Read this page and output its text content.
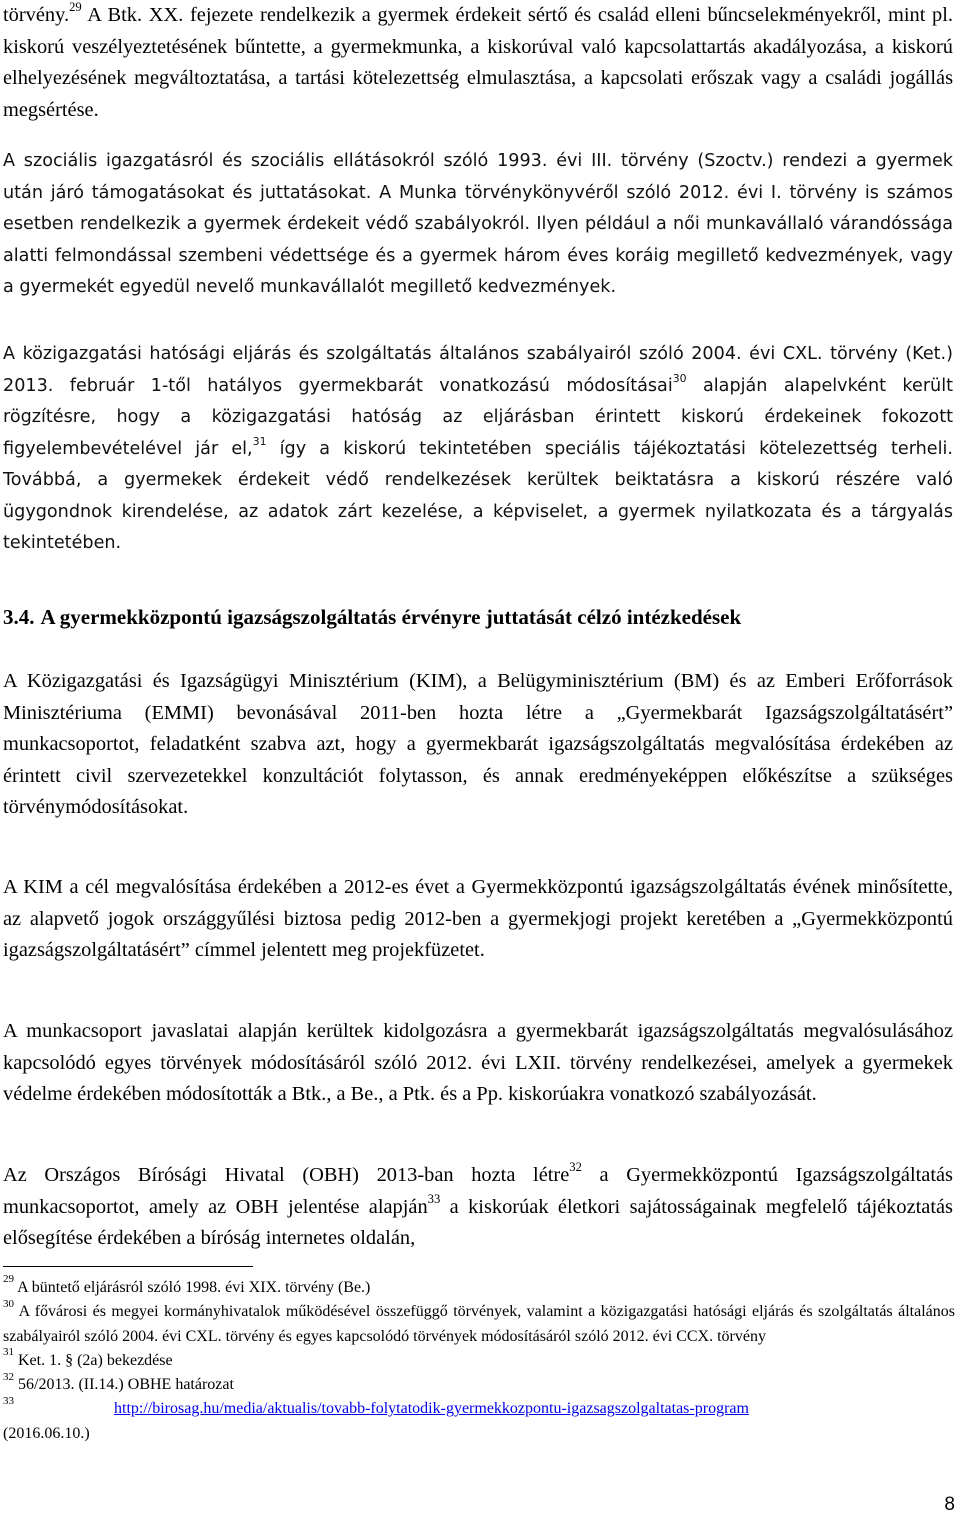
törvény.$^{29}$ A Btk. XX. fejezete rendelkezik a gyermek érdekeit sértő és család elleni bűncselekményekről, mint pl. kiskorú veszélyeztetésének bűntette, a gyermekmunka, a kiskorúval való kapcsolattartás akadályozása, a kiskorú elhelyezésének megváltoztatása, a tartási kötelezettség elmulasztása, a kapcsolati erőszak vagy a családi jogállás megsértése.

A szociális igazgatásról és szociális ellátásokról szóló 1993. évi III. törvény (Szoctv.) rendezi a gyermek után járó támogatásokat és juttatásokat. A Munka törvénykönyvéről szóló 2012. évi I. törvény is számos esetben rendelkezik a gyermek érdekeit védő szabályokról. Ilyen például a női munkavállaló várandóssága alatti felmondással szembeni védettsége és a gyermek három éves koráig megillető kedvezmények, vagy a gyermekét egyedül nevelő munkavállalót megillető kedvezmények.

A közigazgatási hatósági eljárás és szolgáltatás általános szabályairól szóló 2004. évi CXL. törvény (Ket.) 2013. február 1-től hatályos gyermekbarát vonatkozású módosításai$^{30}$ alapján alapelvként került rögzítésre, hogy a közigazgatási hatóság az eljárásban érintett kiskorú érdekeinek fokozott figyelembevételével jár el,$^{31}$ így a kiskorú tekintetében speciális tájékoztatási kötelezettség terheli. Továbbá, a gyermekek érdekeit védő rendelkezések kerültek beiktatásra a kiskorú részére való ügygondnok kirendelése, az adatok zárt kezelése, a képviselet, a gyermek nyilatkozata és a tárgyalás tekintetében.

3.4. A gyermekközpontú igazságszolgáltatás érvényre juttatását célzó intézkedések

A Közigazgatási és Igazságügyi Minisztérium (KIM), a Belügyminisztérium (BM) és az Emberi Erőforrások Minisztériuma (EMMI) bevonásával 2011-ben hozta létre a „Gyermekbarát Igazságszolgáltatásért” munkacsoportot, feladatként szabva azt, hogy a gyermekbarát igazságszolgáltatás megvalósítása érdekében az érintett civil szervezetekkel konzultációt folytasson, és annak eredményeképpen előkészítse a szükséges törvénymódosításokat.

A KIM a cél megvalósítása érdekében a 2012-es évet a Gyermekközpontú igazságszolgáltatás évének minősítette, az alapvető jogok országgyűlési biztosa pedig 2012-ben a gyermekjogi projekt keretében a „Gyermekközpontú igazságszolgáltatásért” címmel jelentett meg projekfüzetet.

A munkacsoport javaslatai alapján kerültek kidolgozásra a gyermekbarát igazságszolgáltatás megvalósulásához kapcsolódó egyes törvények módosításáról szóló 2012. évi LXII. törvény rendelkezései, amelyek a gyermekek védelme érdekében módosították a Btk., a Be., a Ptk. és a Pp. kiskorúakra vonatkozó szabályozását.

Az Országos Bírósági Hivatal (OBH) 2013-ban hozta létre$^{32}$ a Gyermekközpontú Igazságszolgáltatás munkacsoportot, amely az OBH jelentése alapján$^{33}$ a kiskorúak életkori sajátosságainak megfelelő tájékoztatás elősegítése érdekében a bíróság internetes oldalán,

$^{29}$ A büntető eljárásról szóló 1998. évi XIX. törvény (Be.)
$^{30}$ A fővárosi és megyei kormányhivatalok működésével összefüggő törvények, valamint a közigazgatási hatósági eljárás és szolgáltatás általános szabályairól szóló 2004. évi CXL. törvény és egyes kapcsolódó törvények módosításáról szóló 2012. évi CCX. törvény
$^{31}$ Ket. 1. § (2a) bekezdése
$^{32}$ 56/2013. (II.14.) OBHE határozat
$^{33}$	http://birosag.hu/media/aktualis/tovabb-folytatodik-gyermekkozpontu-igazsagszolgaltatas-program
(2016.06.10.)
8
